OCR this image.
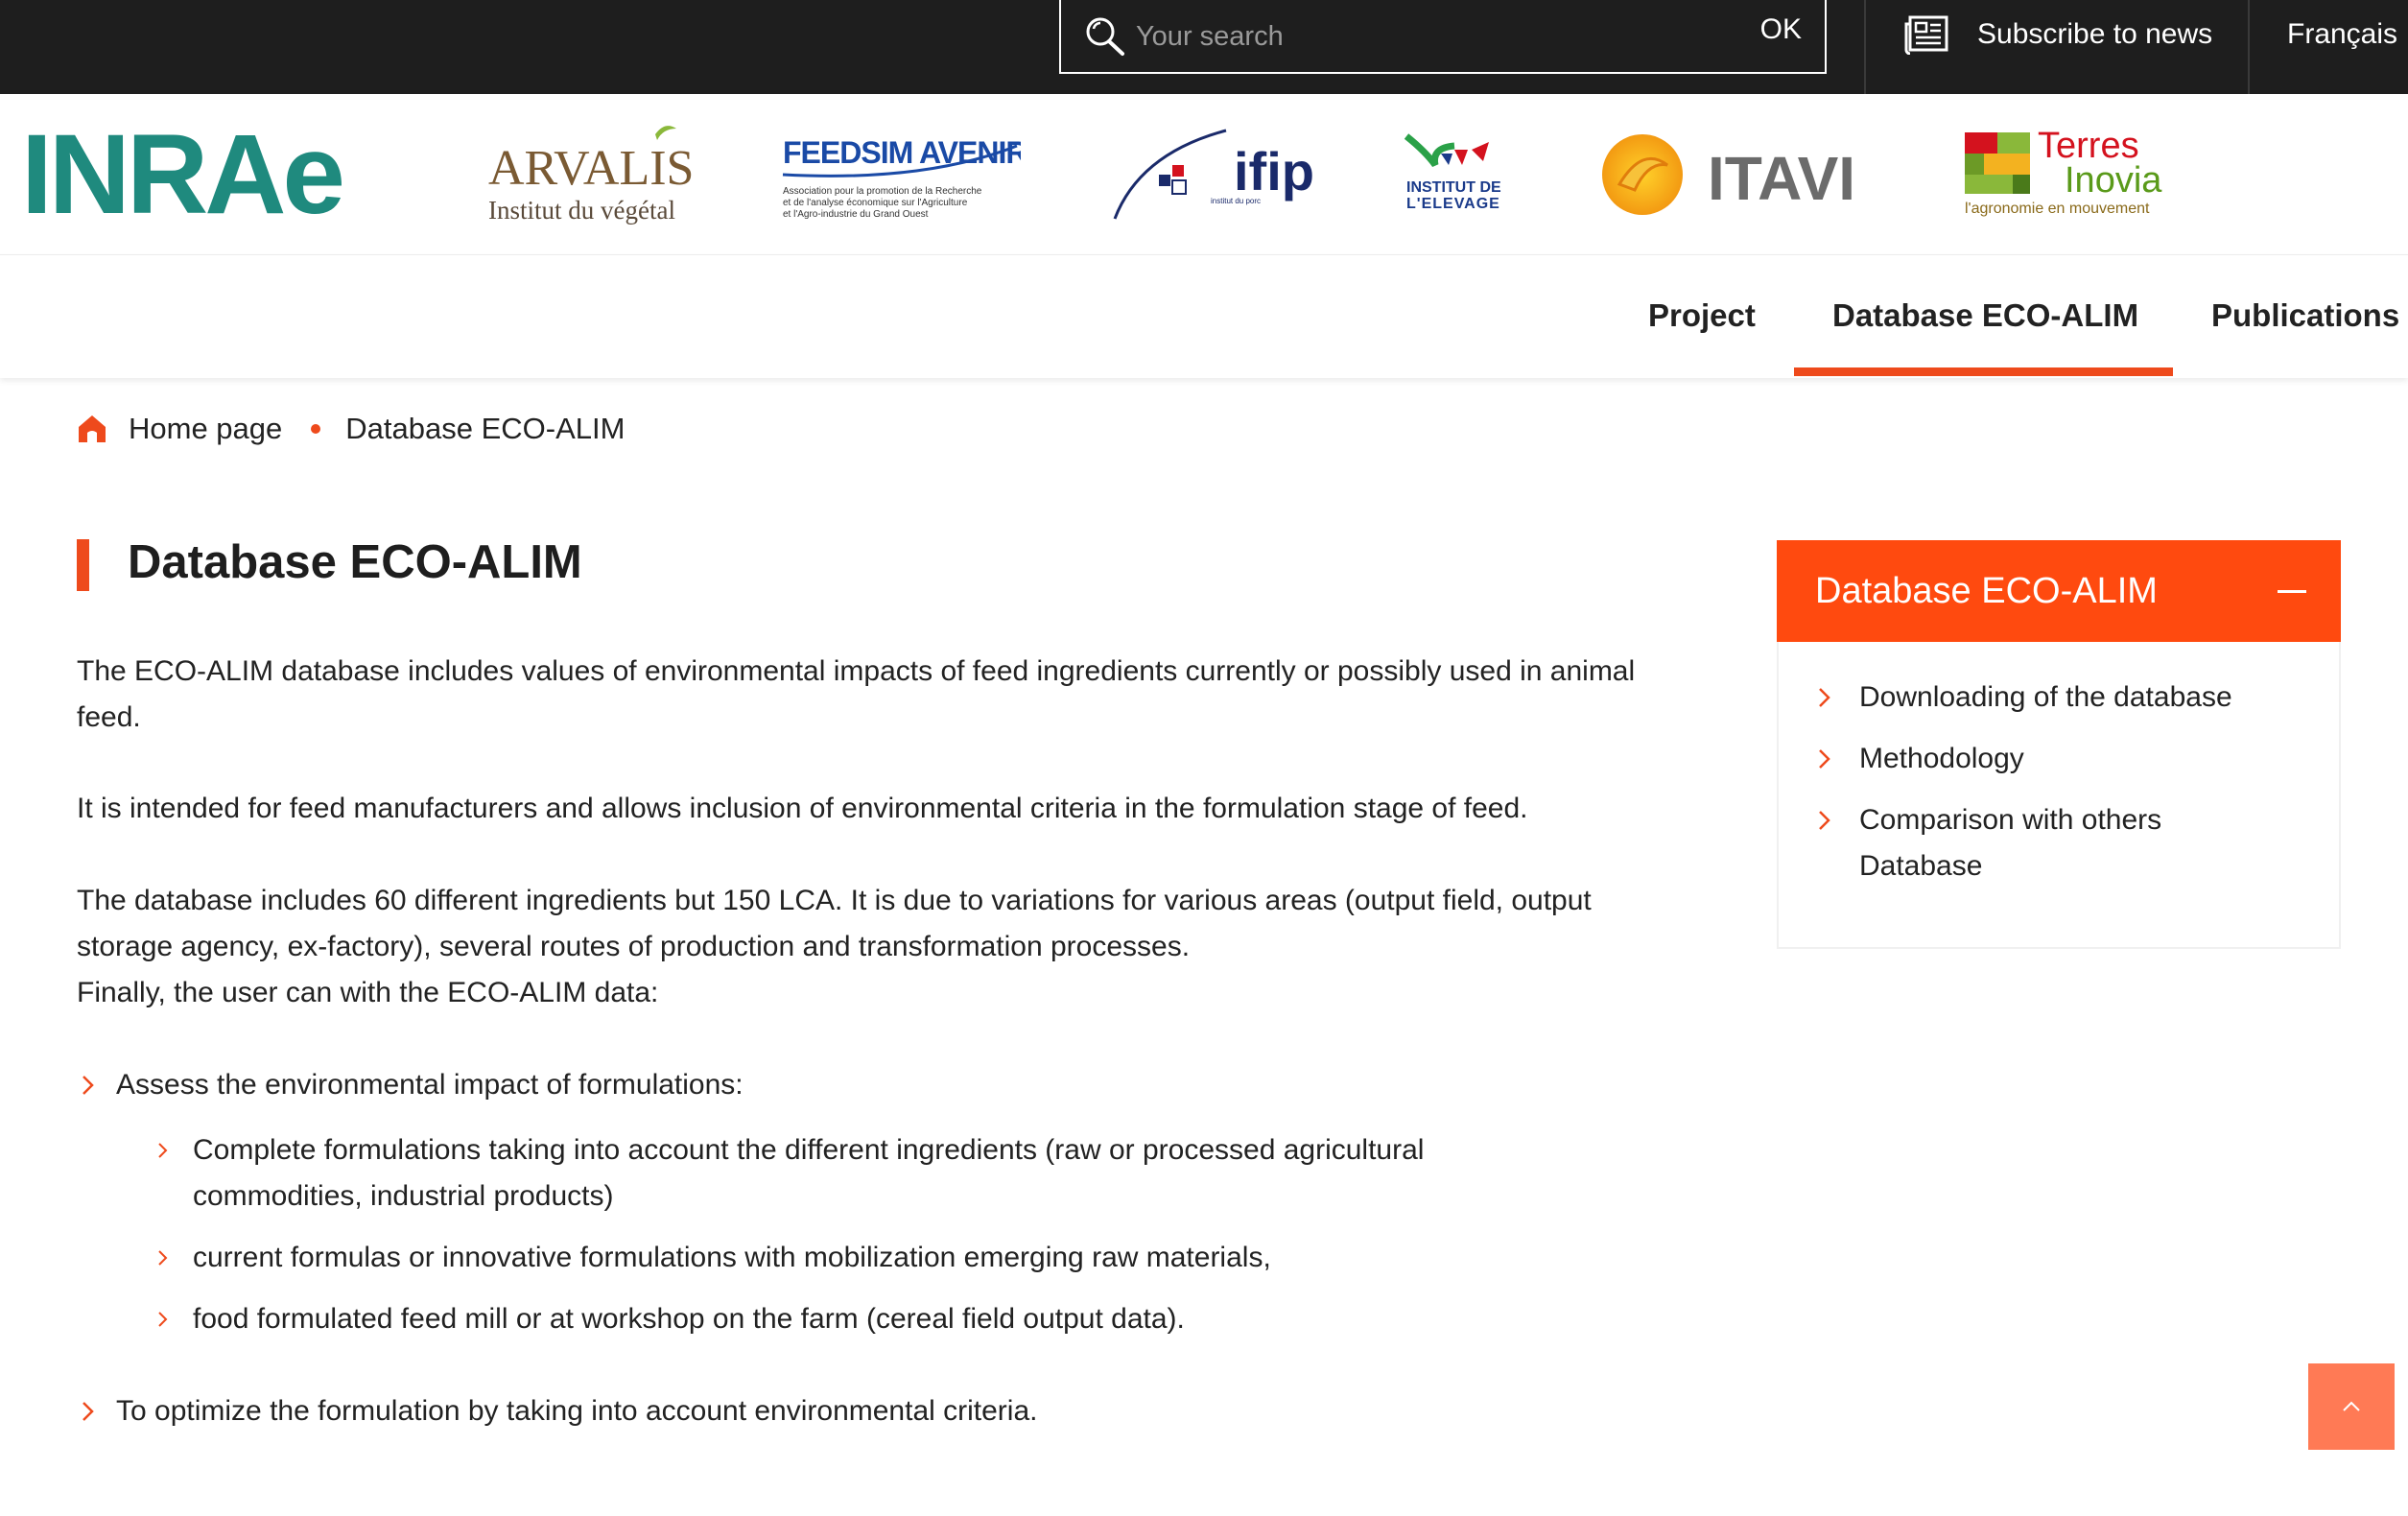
Your search
OK	Subscribe to news	Français
INRAe	ARVALIS
Institut du végétal
FEEDSIM AVENIR
Association pour la promotion de la Recherche
et de l'analyse économique sur l'Agriculture
et l'Agro-industrie du Grand Ouest
ifip
institut du porc
INSTITUT DE
L'ELEVAGE	ITAVI	Terres
Inovia
l'agronomie en mouvement
Project Database ECO-ALIM Publications
Home page Database ECO-ALIM
Database ECO-ALIM

The ECO-ALIM database includes values of environmental impacts of feed ingredients currently or possibly used in animal feed.

It is intended for feed manufacturers and allows inclusion of environmental criteria in the formulation stage of feed.

The database includes 60 different ingredients but 150 LCA. It is due to variations for various areas (output field, output storage agency, ex-factory), several routes of production and transformation processes.

Finally, the user can with the ECO-ALIM data:

Assess the environmental impact of formulations:

Complete formulations taking into account the different ingredients (raw or processed agricultural commodities, industrial products)

current formulas or innovative formulations with mobilization emerging raw materials,

food formulated feed mill or at workshop on the farm (cereal field output data).

To optimize the formulation by taking into account environmental criteria.

Database ECO-ALIM
Downloading of the database
Methodology
Comparison with others Database
